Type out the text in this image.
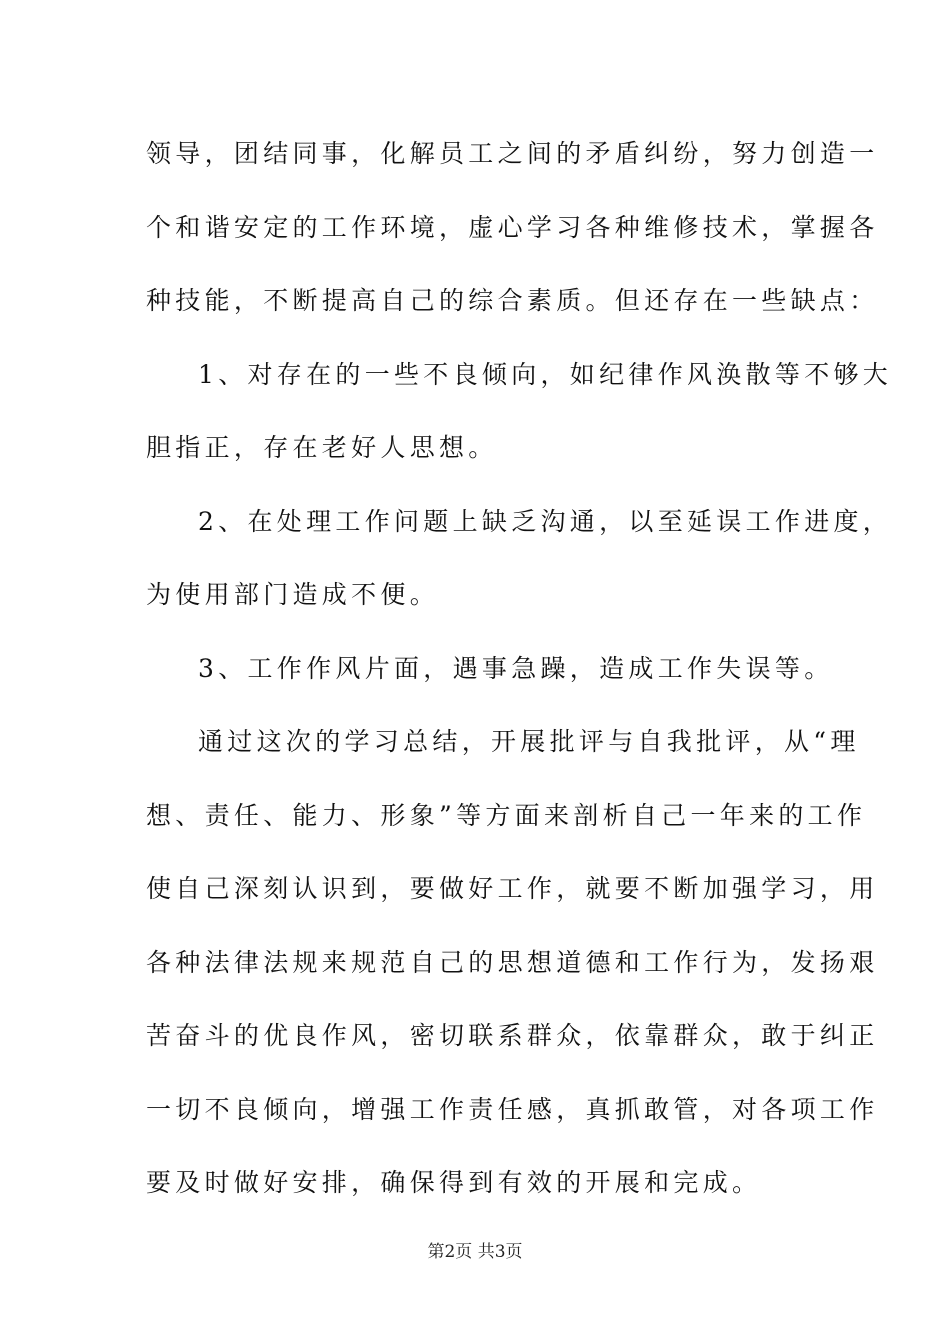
领导，团结同事，化解员工之间的矛盾纠纷，努力创造一
个和谐安定的工作环境，虚心学习各种维修技术，掌握各
种技能，不断提高自己的综合素质。但还存在一些缺点：
1、对存在的一些不良倾向，如纪律作风涣散等不够大
胆指正，存在老好人思想。
2、在处理工作问题上缺乏沟通，以至延误工作进度，
为使用部门造成不便。
3、工作作风片面，遇事急躁，造成工作失误等。
通过这次的学习总结，开展批评与自我批评，从“理
想、责任、能力、形象”等方面来剖析自己一年来的工作
使自己深刻认识到，要做好工作，就要不断加强学习，用
各种法律法规来规范自己的思想道德和工作行为，发扬艰
苦奋斗的优良作风，密切联系群众，依靠群众，敢于纠正
一切不良倾向，增强工作责任感，真抓敢管，对各项工作
要及时做好安排，确保得到有效的开展和完成。
第2页 共3页
